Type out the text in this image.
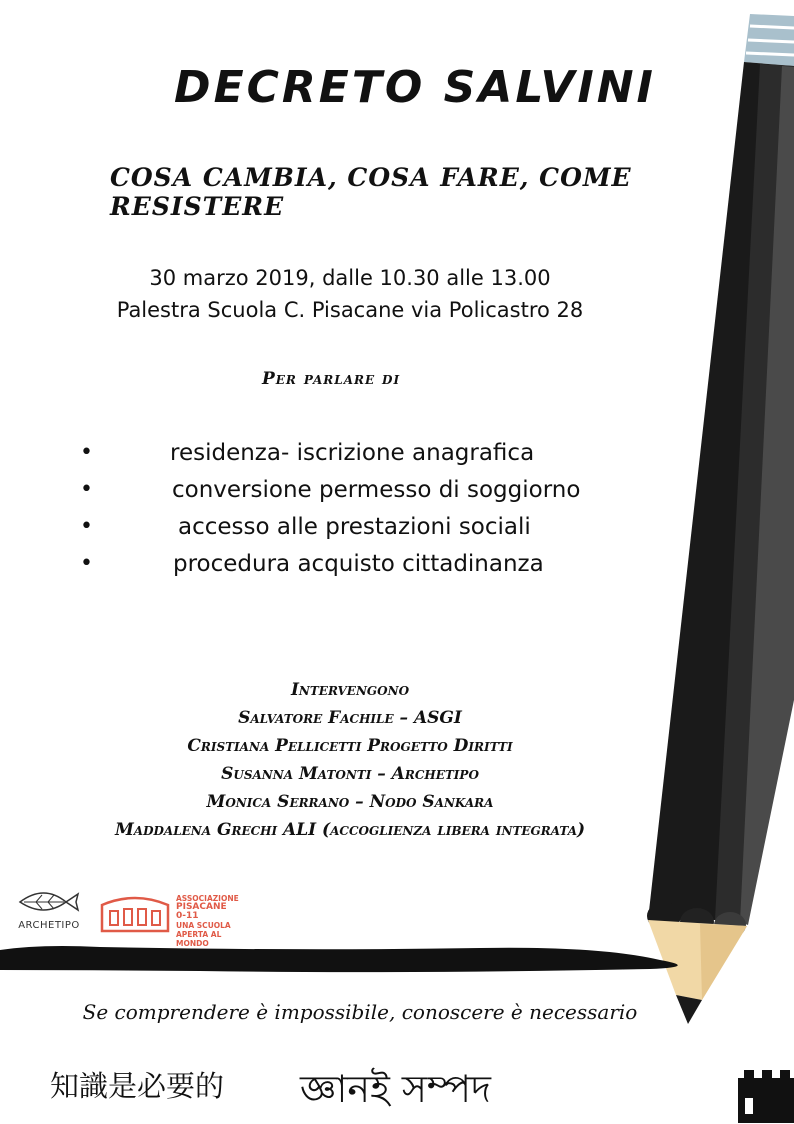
DECRETO SALVINI
COSA CAMBIA, COSA FARE, COME RESISTERE
30 marzo 2019, dalle 10.30 alle 13.00
Palestra Scuola C. Pisacane via Policastro 28
Per parlare di
•	residenza- iscrizione anagrafica
•	conversione permesso di soggiorno
•	accesso alle prestazioni sociali
•	procedura acquisto cittadinanza
Intervengono
Salvatore Fachile – ASGI
Cristiana Pellicetti Progetto Diritti
Susanna Matonti – Archetipo
Monica Serrano – Nodo Sankara
Maddalena Grechi ALI (accoglienza libera integrata)
ARCHETIPO
ASSOCIAZIONE
PISACANE 0-11
UNA SCUOLA
APERTA AL MONDO
Se comprendere è impossibile, conoscere è necessario
知識是必要的 জ্ঞানই সম্পদ
